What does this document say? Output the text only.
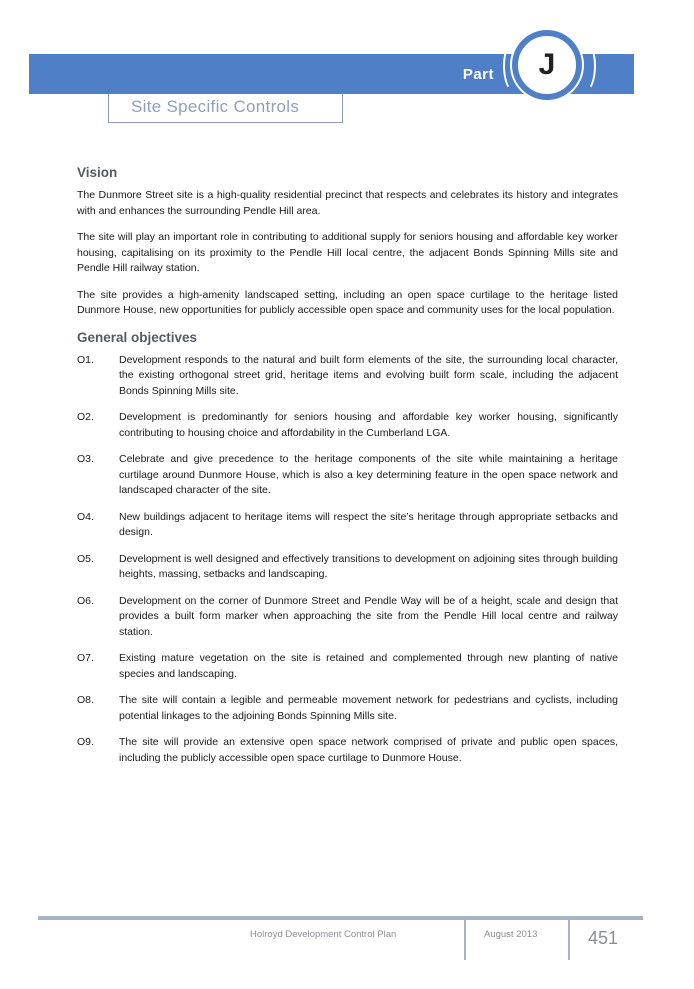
Part	J
Site Specific Controls
Vision

The Dunmore Street site is a high-quality residential precinct that respects and celebrates its history and integrates with and enhances the surrounding Pendle Hill area.

The site will play an important role in contributing to additional supply for seniors housing and affordable key worker housing, capitalising on its proximity to the Pendle Hill local centre, the adjacent Bonds Spinning Mills site and Pendle Hill railway station.

The site provides a high-amenity landscaped setting, including an open space curtilage to the heritage listed Dunmore House, new opportunities for publicly accessible open space and community uses for the local population.

General objectives
O1.	Development responds to the natural and built form elements of the site, the surrounding local character, the existing orthogonal street grid, heritage items and evolving built form scale, including the adjacent Bonds Spinning Mills site.
O2.	Development is predominantly for seniors housing and affordable key worker housing, significantly contributing to housing choice and affordability in the Cumberland LGA.
O3.	Celebrate and give precedence to the heritage components of the site while maintaining a heritage curtilage around Dunmore House, which is also a key determining feature in the open space network and landscaped character of the site.
O4.	New buildings adjacent to heritage items will respect the site’s heritage through appropriate setbacks and design.
O5.	Development is well designed and effectively transitions to development on adjoining sites through building heights, massing, setbacks and landscaping.
O6.	Development on the corner of Dunmore Street and Pendle Way will be of a height, scale and design that provides a built form marker when approaching the site from the Pendle Hill local centre and railway station.
O7.	Existing mature vegetation on the site is retained and complemented through new planting of native species and landscaping.
O8.	The site will contain a legible and permeable movement network for pedestrians and cyclists, including potential linkages to the adjoining Bonds Spinning Mills site.
O9.	The site will provide an extensive open space network comprised of private and public open spaces, including the publicly accessible open space curtilage to Dunmore House.
Holroyd Development Control Plan	August 2013	451
